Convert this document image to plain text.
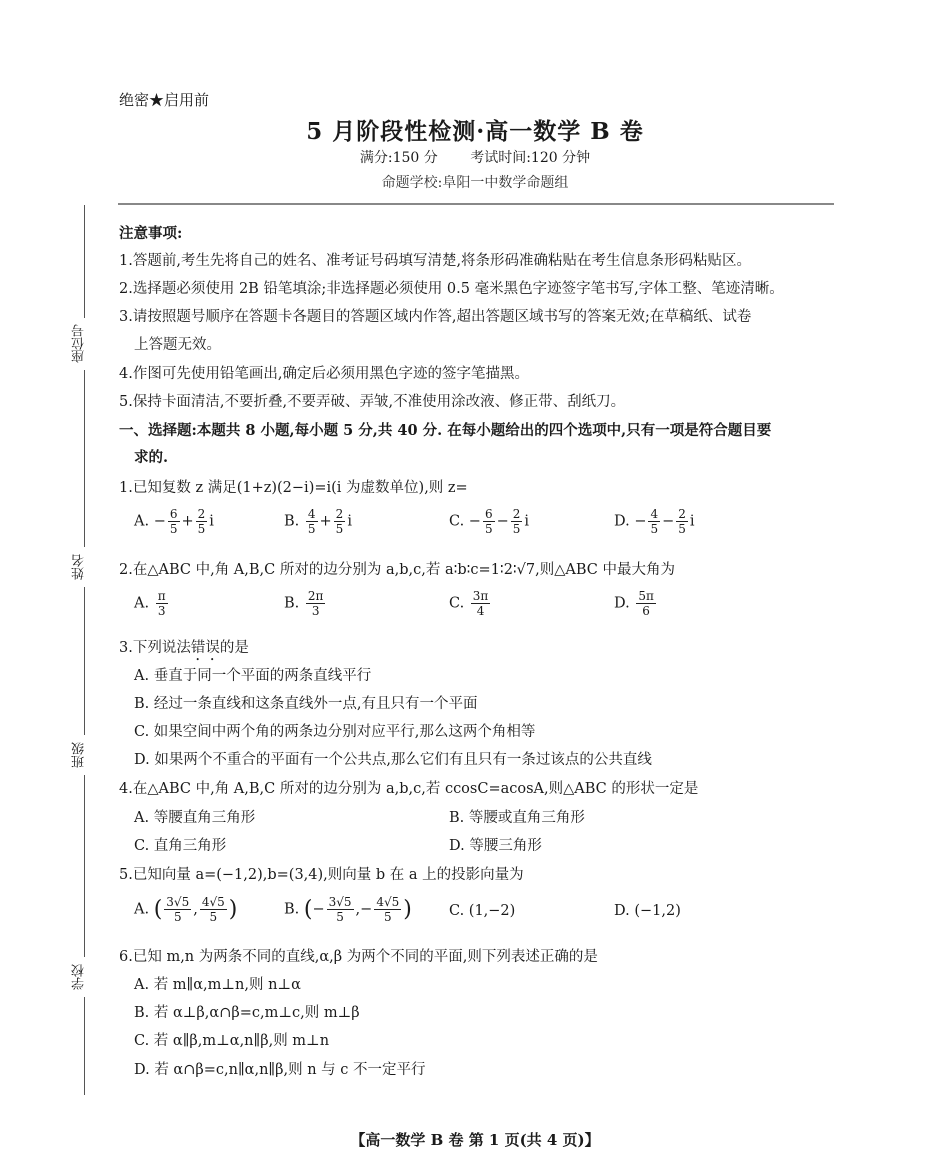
绝密★启用前
5 月阶段性检测·高一数学 B 卷
满分:150 分 考试时间:120 分钟
命题学校:阜阳一中数学命题组
座位号
姓名
班级
学校
注意事项:
1.答题前,考生先将自己的姓名、准考证号码填写清楚,将条形码准确粘贴在考生信息条形码粘贴区。
2.选择题必须使用 2B 铅笔填涂;非选择题必须使用 0.5 毫米黑色字迹签字笔书写,字体工整、笔迹清晰。
3.请按照题号顺序在答题卡各题目的答题区域内作答,超出答题区域书写的答案无效;在草稿纸、试卷
上答题无效。
4.作图可先使用铅笔画出,确定后必须用黑色字迹的签字笔描黑。
5.保持卡面清洁,不要折叠,不要弄破、弄皱,不准使用涂改液、修正带、刮纸刀。
一、选择题:本题共 8 小题,每小题 5 分,共 40 分. 在每小题给出的四个选项中,只有一项是符合题目要
求的.
1.已知复数 z 满足(1+z)(2−i)=i(i 为虚数单位),则 z=
A. − $\frac{6}{5} + \frac{2}{5}$ i	B. $\frac{4}{5} + \frac{2}{5}$ i	C. − $\frac{6}{5} - \frac{2}{5}$ i	D. − $\frac{4}{5} - \frac{2}{5}$ i
2.在△ABC 中,角 A,B,C 所对的边分别为 a,b,c,若 a∶b∶c=1∶2∶√7,则△ABC 中最大角为
A. $\frac{\pi}{3}$	B. $\frac{2\pi}{3}$	C. $\frac{3\pi}{4}$	D. $\frac{5\pi}{6}$
3.下列说法错误的是
A. 垂直于同一个平面的两条直线平行
B. 经过一条直线和这条直线外一点,有且只有一个平面
C. 如果空间中两个角的两条边分别对应平行,那么这两个角相等
D. 如果两个不重合的平面有一个公共点,那么它们有且只有一条过该点的公共直线
4.在△ABC 中,角 A,B,C 所对的边分别为 a,b,c,若 ccosC=acosA,则△ABC 的形状一定是
A. 等腰直角三角形	B. 等腰或直角三角形
C. 直角三角形	D. 等腰三角形
5.已知向量 a=(−1,2),b=(3,4),则向量 b 在 a 上的投影向量为
A. ( $\frac{3√5}{5}$ , $\frac{4√5}{5}$ )	B. (− $\frac{3√5}{5}$ ,− $\frac{4√5}{5}$ )	C. (1,−2)	D. (−1,2)
6.已知 m,n 为两条不同的直线,α,β 为两个不同的平面,则下列表述正确的是
A. 若 m∥α,m⊥n,则 n⊥α
B. 若 α⊥β,α∩β=c,m⊥c,则 m⊥β
C. 若 α∥β,m⊥α,n∥β,则 m⊥n
D. 若 α∩β=c,n∥α,n∥β,则 n 与 c 不一定平行
【高一数学 B 卷 第 1 页(共 4 页)】
